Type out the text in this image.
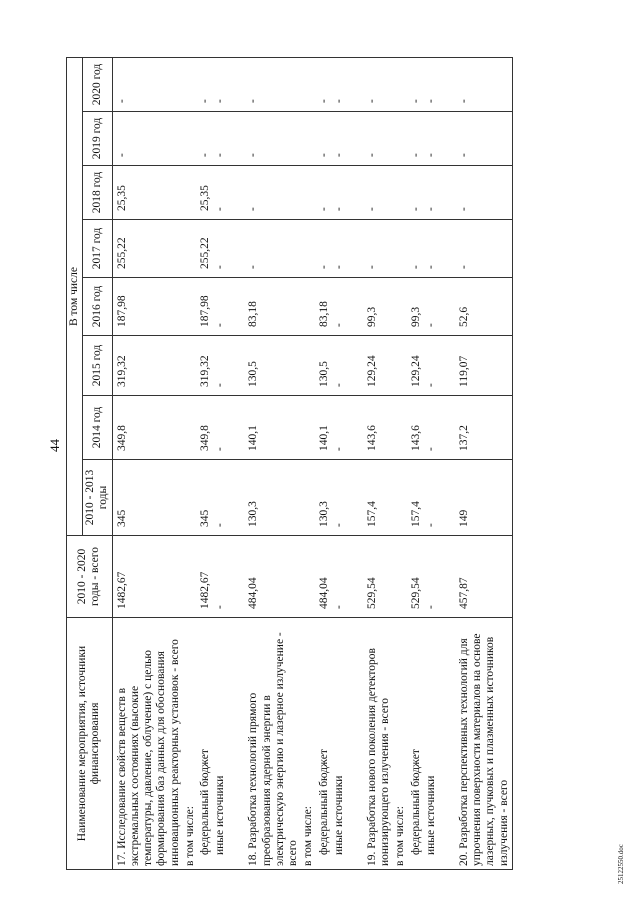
44
25122550.doc
Наименование мероприятия, источники финансирования	2010 - 2020 годы - всего	В том числе							
		2010 - 2013 годы	2014 год	2015 год	2016 год	2017 год	2018 год	2019 год	2020 год
17. Исследование свойств веществ в экстремальных состояниях (высокие температуры, давление, облучение) с целью формирования баз данных для обоснования инновационных реакторных установок - всего	1482,67	345	349,8	319,32	187,98	255,22	25,35	-	-
в том числе:									
федеральный бюджет	1482,67	345	349,8	319,32	187,98	255,22	25,35	-	-
иные источники	-	-	-	-	-	-	-	-	-

18. Разработка технологий прямого преобразования ядерной энергии в электрическую энергию и лазерное излучение - всего	484,04	130,3	140,1	130,5	83,18	-	-	-	-
в том числе:									
федеральный бюджет	484,04	130,3	140,1	130,5	83,18	-	-	-	-
иные источники	-	-	-	-	-	-	-	-	-

19. Разработка нового поколения детекторов ионизирующего излучения - всего	529,54	157,4	143,6	129,24	99,3	-	-	-	-
в том числе:									
федеральный бюджет	529,54	157,4	143,6	129,24	99,3	-	-	-	-
иные источники	-	-	-	-	-	-	-	-	-

20. Разработка перспективных технологий для упрочнения поверхности материалов на основе лазерных, пучковых и плазменных источников излучения - всего	457,87	149	137,2	119,07	52,6	-	-	-	-
